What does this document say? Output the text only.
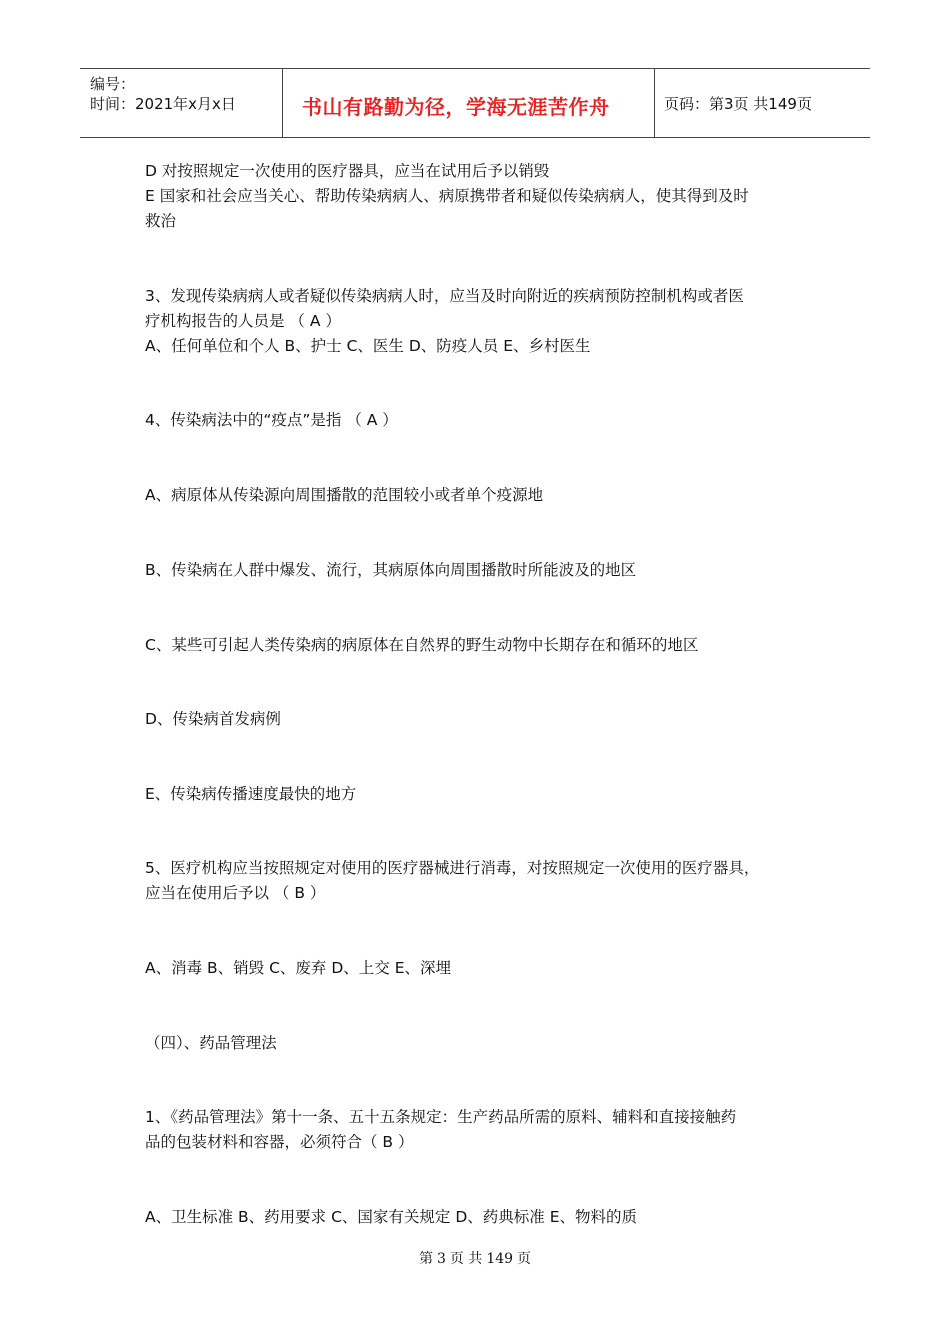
编号：
时间：2021年x月x日	书山有路勤为径，学海无涯苦作舟	页码：第3页 共149页
D 对按照规定一次使用的医疗器具，应当在试用后予以销毁
E 国家和社会应当关心、帮助传染病病人、病原携带者和疑似传染病病人，使其得到及时
救治
3、发现传染病病人或者疑似传染病病人时，应当及时向附近的疾病预防控制机构或者医
疗机构报告的人员是 （ A ）
A、任何单位和个人 B、护士 C、医生 D、防疫人员 E、乡村医生
4、传染病法中的“疫点”是指 （ A ）
A、病原体从传染源向周围播散的范围较小或者单个疫源地
B、传染病在人群中爆发、流行，其病原体向周围播散时所能波及的地区
C、某些可引起人类传染病的病原体在自然界的野生动物中长期存在和循环的地区
D、传染病首发病例
E、传染病传播速度最快的地方
5、医疗机构应当按照规定对使用的医疗器械进行消毒，对按照规定一次使用的医疗器具，
应当在使用后予以 （ B ）
A、消毒 B、销毁 C、废弃 D、上交 E、深埋
（四）、药品管理法
1、《药品管理法》第十一条、五十五条规定：生产药品所需的原料、辅料和直接接触药
品的包装材料和容器，必须符合（ B ）
A、卫生标准 B、药用要求 C、国家有关规定 D、药典标准 E、物料的质
第 3 页 共 149 页
